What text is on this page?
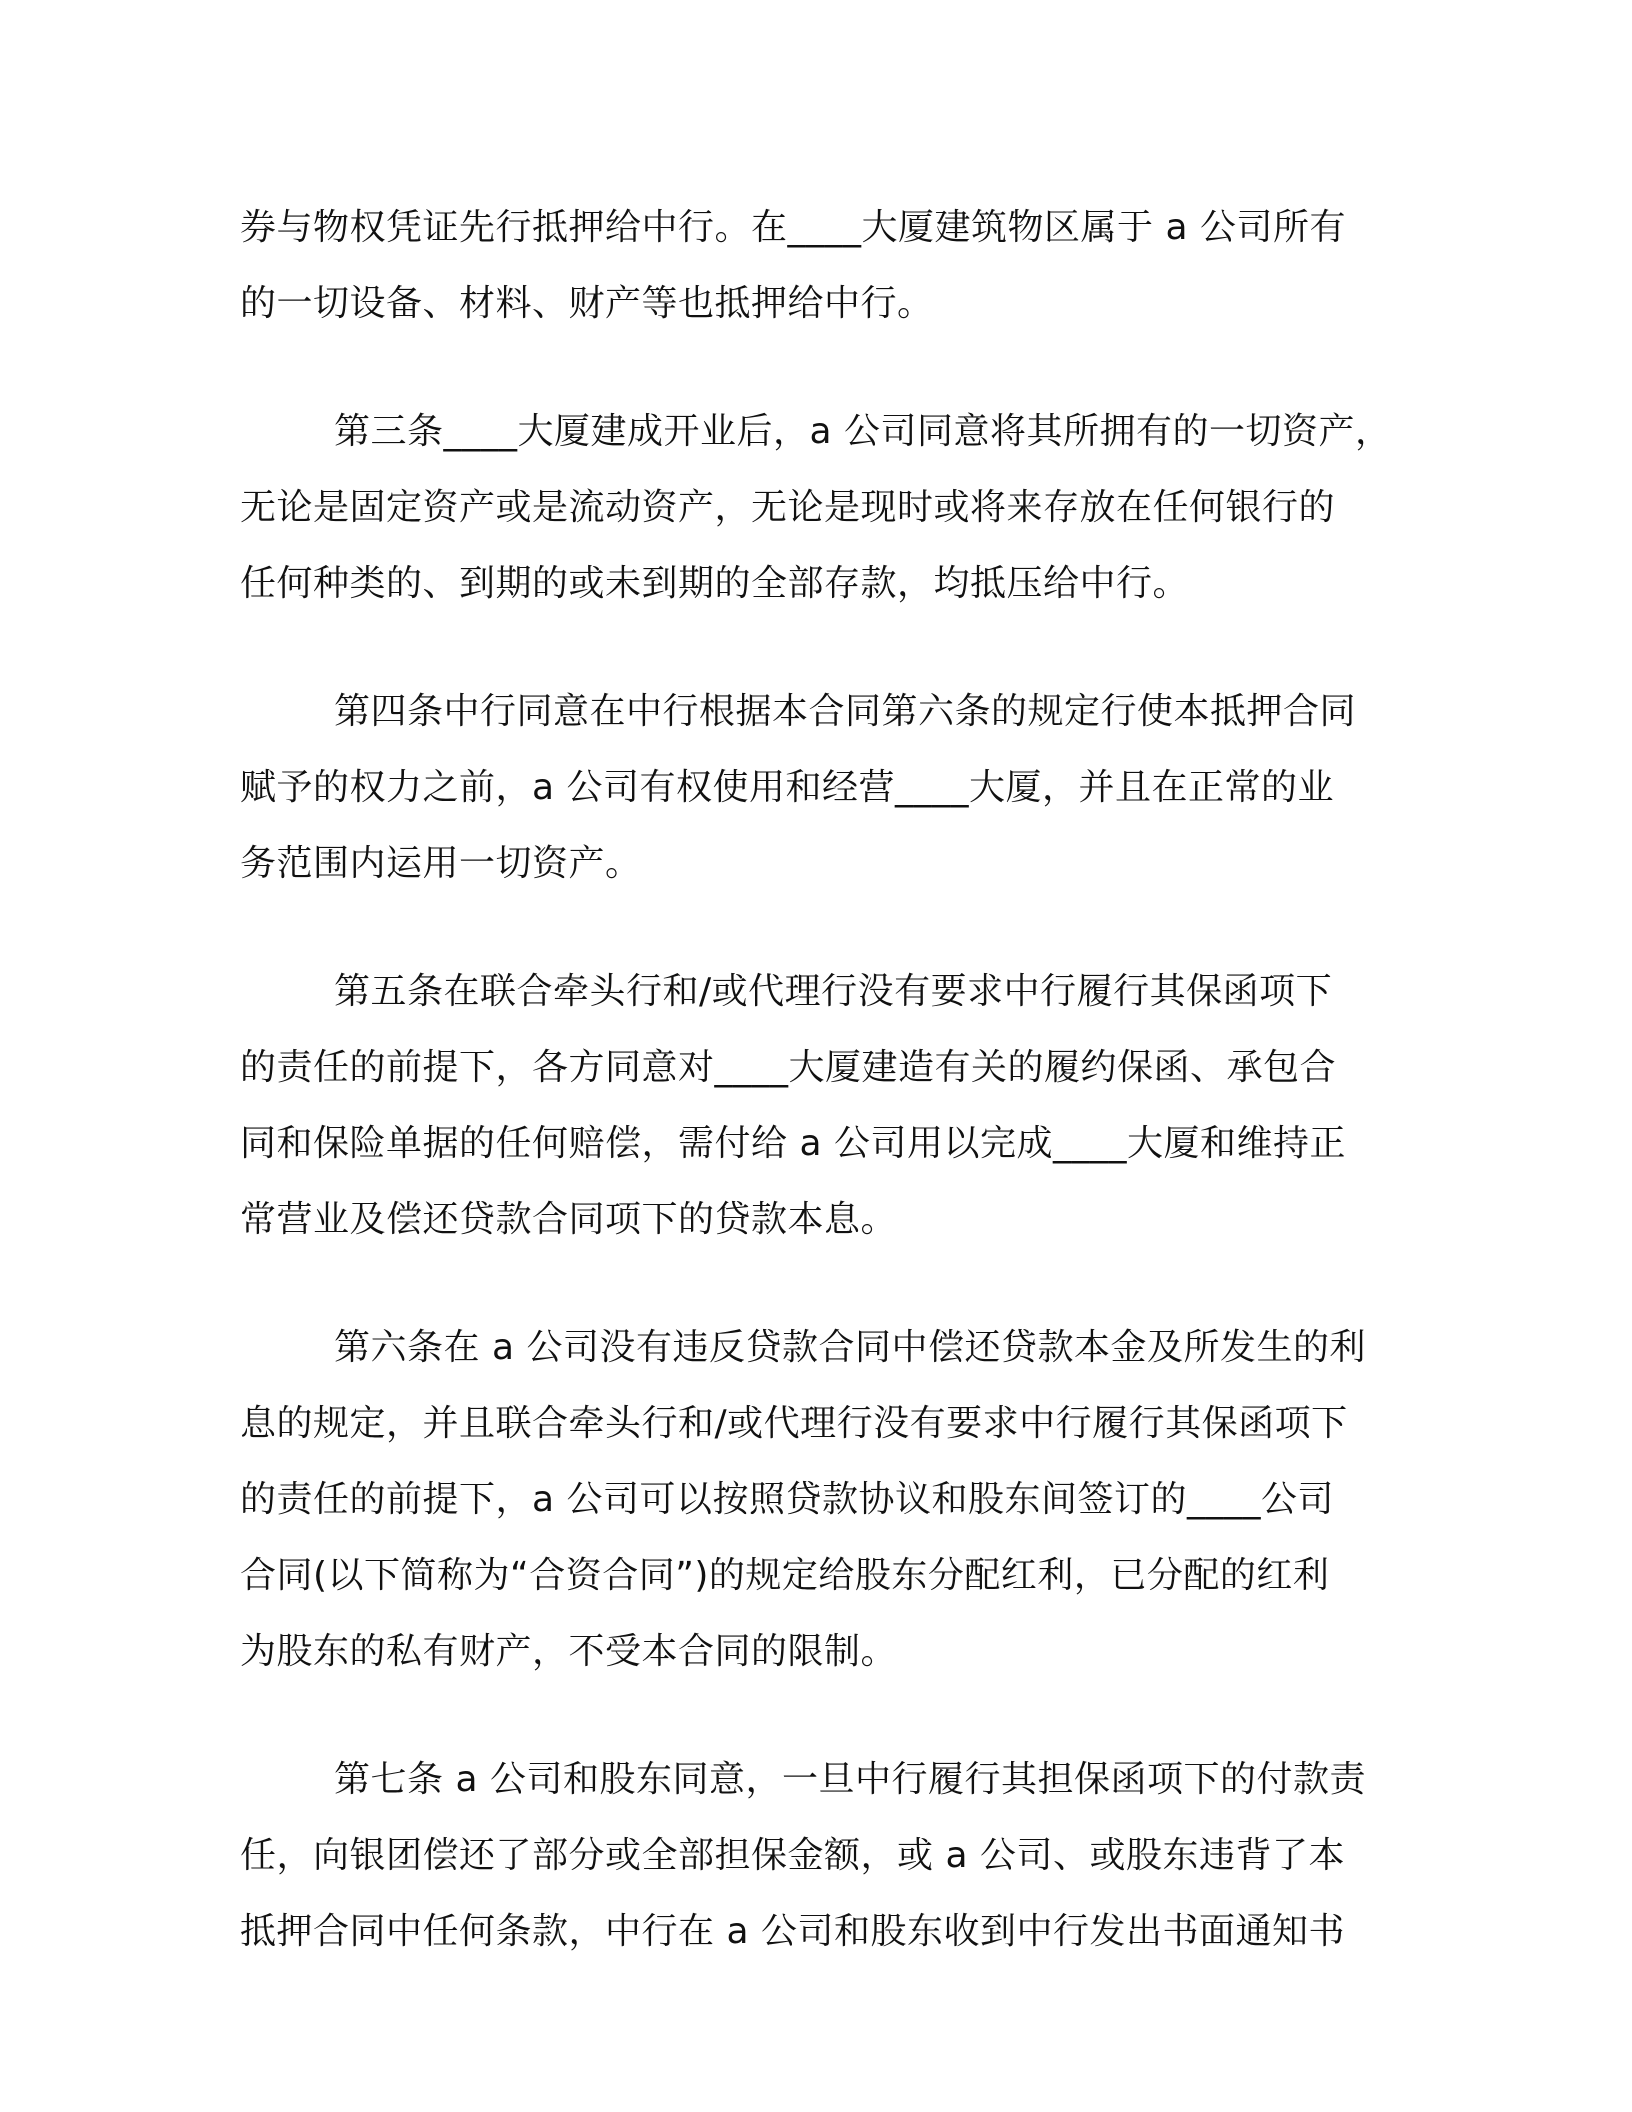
券与物权凭证先行抵押给中行。在____大厦建筑物区属于 a 公司所有
的一切设备、材料、财产等也抵押给中行。
第三条____大厦建成开业后，a 公司同意将其所拥有的一切资产，
无论是固定资产或是流动资产，无论是现时或将来存放在任何银行的
任何种类的、到期的或未到期的全部存款，均抵压给中行。
第四条中行同意在中行根据本合同第六条的规定行使本抵押合同
赋予的权力之前，a 公司有权使用和经营____大厦，并且在正常的业
务范围内运用一切资产。
第五条在联合牵头行和/或代理行没有要求中行履行其保函项下
的责任的前提下，各方同意对____大厦建造有关的履约保函、承包合
同和保险单据的任何赔偿，需付给 a 公司用以完成____大厦和维持正
常营业及偿还贷款合同项下的贷款本息。
第六条在 a 公司没有违反贷款合同中偿还贷款本金及所发生的利
息的规定，并且联合牵头行和/或代理行没有要求中行履行其保函项下
的责任的前提下，a 公司可以按照贷款协议和股东间签订的____公司
合同(以下简称为“合资合同”)的规定给股东分配红利，已分配的红利
为股东的私有财产，不受本合同的限制。
第七条 a 公司和股东同意，一旦中行履行其担保函项下的付款责
任，向银团偿还了部分或全部担保金额，或 a 公司、或股东违背了本
抵押合同中任何条款，中行在 a 公司和股东收到中行发出书面通知书
